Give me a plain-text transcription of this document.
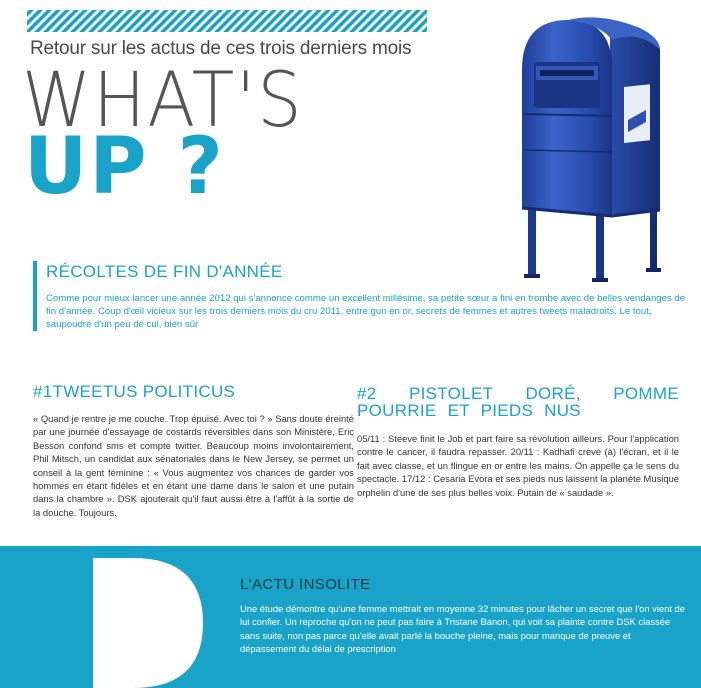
Retour sur les actus de ces trois derniers mois
WHAT'S
UP ?
RÉCOLTES DE FIN D'ANNÉE
Comme pour mieux lancer une année 2012 qui s'annonce comme un excellent millésime, sa petite sœur a fini en trombe avec de belles vendanges de fin d'année. Coup d'œil vicieux sur les trois derniers mois du cru 2011, entre gun en or, secrets de femmes et autres tweets maladroits. Le tout, saupoudré d'un peu de cul, bien sûr
#1TWEETUS POLITICUS
« Quand je rentre je me couche. Trop épuisé. Avec toi ? » Sans doute éreinté par une journée d'essayage de costards réversibles dans son Ministère, Eric Besson confond sms et compte twitter. Beaucoup moins involontairement, Phil Mitsch, un candidat aux sénatoriales dans le New Jersey, se permet un conseil à la gent féminine : « Vous augmentez vos chances de garder vos hommes en étant fidèles et en étant une dame dans le salon et une putain dans la chambre ». DSK ajouterait qu'il faut aussi être à l'affût à la sortie de la douche. Toujours.
#2 PISTOLET DORÉ, POMME POURRIE ET PIEDS NUS
05/11 : Steeve finit le Job et part faire sa révolution ailleurs. Pour l'application contre le cancer, il faudra repasser. 20/11 : Kadhafi crève (à) l'écran, et il le fait avec classe, et un flingue en or entre les mains. On appelle ça le sens du spectacle. 17/12 : Cesaria Evora et ses pieds nus laissent la planète Musique orphelin d'une de ses plus belles voix. Putain de « saudade ».
L'ACTU INSOLITE
Une étude démontre qu'une femme mettrait en moyenne 32 minutes pour lâcher un secret que l'on vient de lui confier. Un reproche qu'on ne peut pas faire à Tristane Banon, qui voit sa plainte contre DSK classée sans suite, non pas parce qu'elle avait parlé la bouche pleine, mais pour manque de preuve et dépassement du délai de prescription
